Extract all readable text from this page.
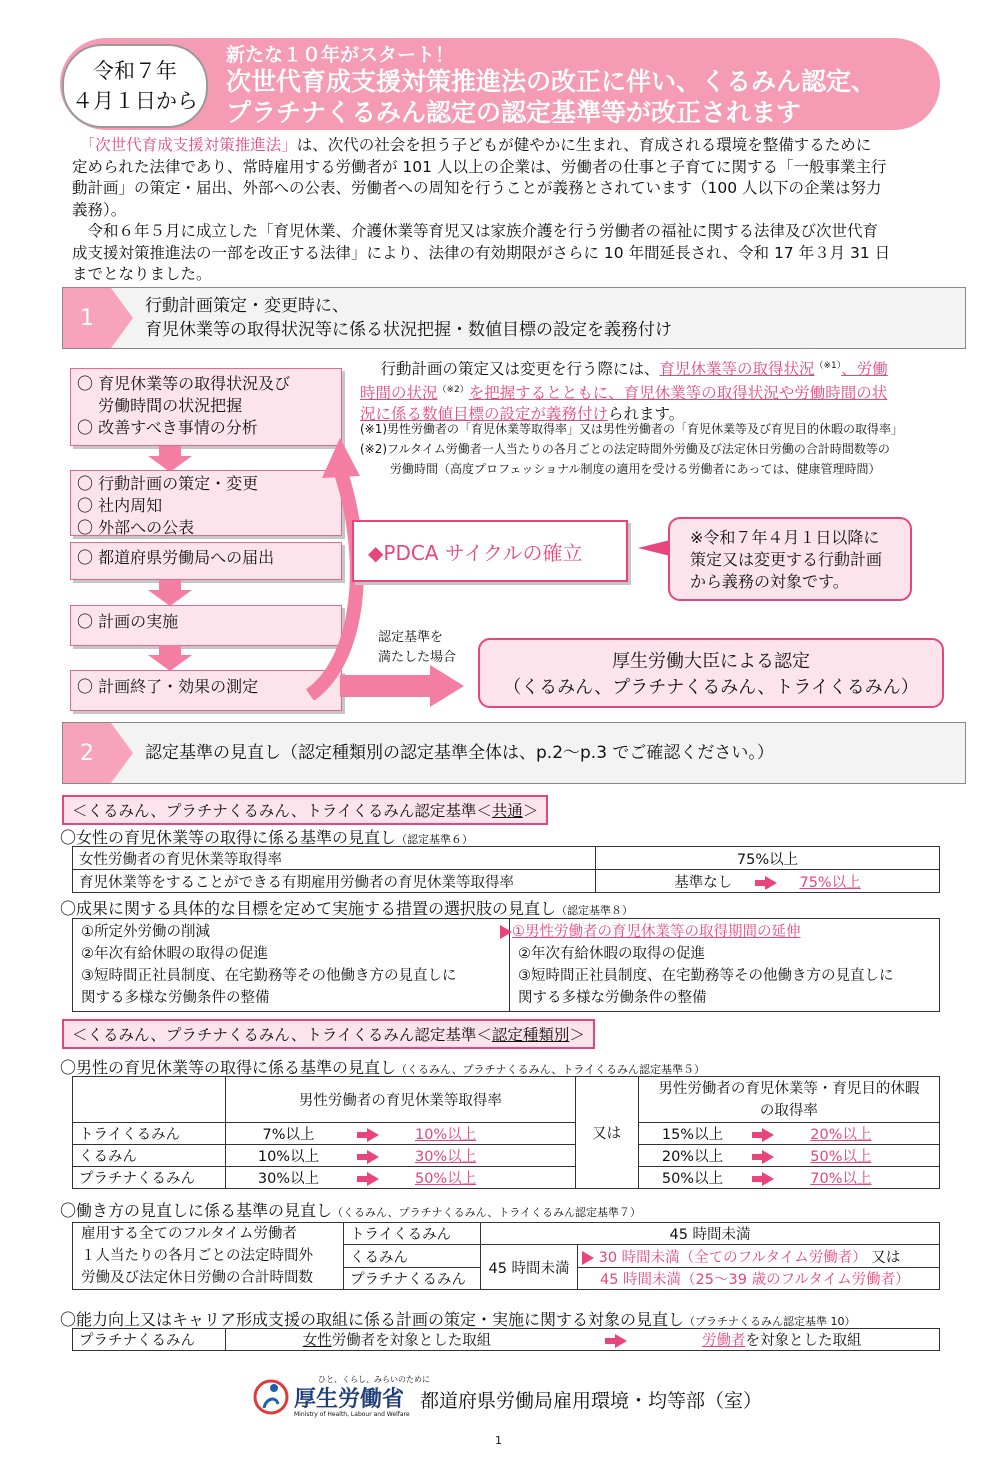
令和７年
４月１日から
新たな１０年がスタート！
次世代育成支援対策推進法の改正に伴い、くるみん認定、
プラチナくるみん認定の認定基準等が改正されます
　「次世代育成支援対策推進法」は、次代の社会を担う子どもが健やかに生まれ、育成される環境を整備するために
定められた法律であり、常時雇用する労働者が 101 人以上の企業は、労働者の仕事と子育てに関する「一般事業主行
動計画」の策定・届出、外部への公表、労働者への周知を行うことが義務とされています（100 人以下の企業は努力
義務）。
　令和６年５月に成立した「育児休業、介護休業等育児又は家族介護を行う労働者の福祉に関する法律及び次世代育
成支援対策推進法の一部を改正する法律」により、法律の有効期限がさらに 10 年間延長され、令和 17 年３月 31 日
までとなりました。
1	行動計画策定・変更時に、
育児休業等の取得状況等に係る状況把握・数値目標の設定を義務付け
〇 育児休業等の取得状況及び
　 労働時間の状況把握
〇 改善すべき事情の分析
〇 行動計画の策定・変更
〇 社内周知
〇 外部への公表
〇 都道府県労働局への届出
〇 計画の実施
〇 計画終了・効果の測定
◆PDCA サイクルの確立
※令和７年４月１日以降に
策定又は変更する行動計画
から義務の対象です。
認定基準を
満たした場合	厚生労働大臣による認定
（くるみん、プラチナくるみん、トライくるみん）
　 行動計画の策定又は変更を行う際には、育児休業等の取得状況$^{(※1)}$、労働
時間の状況$^{(※2)}$を把握するとともに、育児休業等の取得状況や労働時間の状
況に係る数値目標の設定が義務付けられます。
(※1)男性労働者の「育児休業等取得率」又は男性労働者の「育児休業等及び育児目的休暇の取得率」
(※2)フルタイム労働者一人当たりの各月ごとの法定時間外労働及び法定休日労働の合計時間数等の
労働時間（高度プロフェッショナル制度の適用を受ける労働者にあっては、健康管理時間）
2	認定基準の見直し（認定種類別の認定基準全体は、p.2～p.3 でご確認ください。）
＜くるみん、プラチナくるみん、トライくるみん認定基準＜共通＞
〇女性の育児休業等の取得に係る基準の見直し（認定基準６）
女性労働者の育児休業等取得率	75%以上
育児休業等をすることができる有期雇用労働者の育児休業等取得率	基準なし 75%以上
〇成果に関する具体的な目標を定めて実施する措置の選択肢の見直し（認定基準８）
①所定外労働の削減
②年次有給休暇の取得の促進
③短時間正社員制度、在宅勤務等その他働き方の見直しに
関する多様な労働条件の整備

①男性労働者の育児休業等の取得期間の延伸
②年次有給休暇の取得の促進
③短時間正社員制度、在宅勤務等その他働き方の見直しに
関する多様な労働条件の整備
＜くるみん、プラチナくるみん、トライくるみん認定基準＜認定種類別＞
〇男性の育児休業等の取得に係る基準の見直し（くるみん、プラチナくるみん、トライくるみん認定基準５）
	男性労働者の育児休業等取得率		又は	男性労働者の育児休業等・育児目的休暇
の取得率	

トライくるみん	7%以上	10%以上		15%以上	20%以上
くるみん	10%以上	30%以上		20%以上	50%以上
プラチナくるみん	30%以上	50%以上		50%以上	70%以上
〇働き方の見直しに係る基準の見直し（くるみん、プラチナくるみん、トライくるみん認定基準７）
雇用する全てのフルタイム労働者
１人当たりの各月ごとの法定時間外
労働及び法定休日労働の合計時間数	トライくるみん	45 時間未満	
	くるみん	45 時間未満	30 時間未満（全てのフルタイム労働者） 又は
	プラチナくるみん		45 時間未満（25～39 歳のフルタイム労働者）
〇能力向上又はキャリア形成支援の取組に係る計画の策定・実施に関する対象の見直し（プラチナくるみん認定基準 10）
プラチナくるみん	女性労働者を対象とした取組	労働者を対象とした取組
ひと、くらし、みらいのために
厚生労働省
Ministry of Health, Labour and Welfare
都道府県労働局雇用環境・均等部（室）
1
